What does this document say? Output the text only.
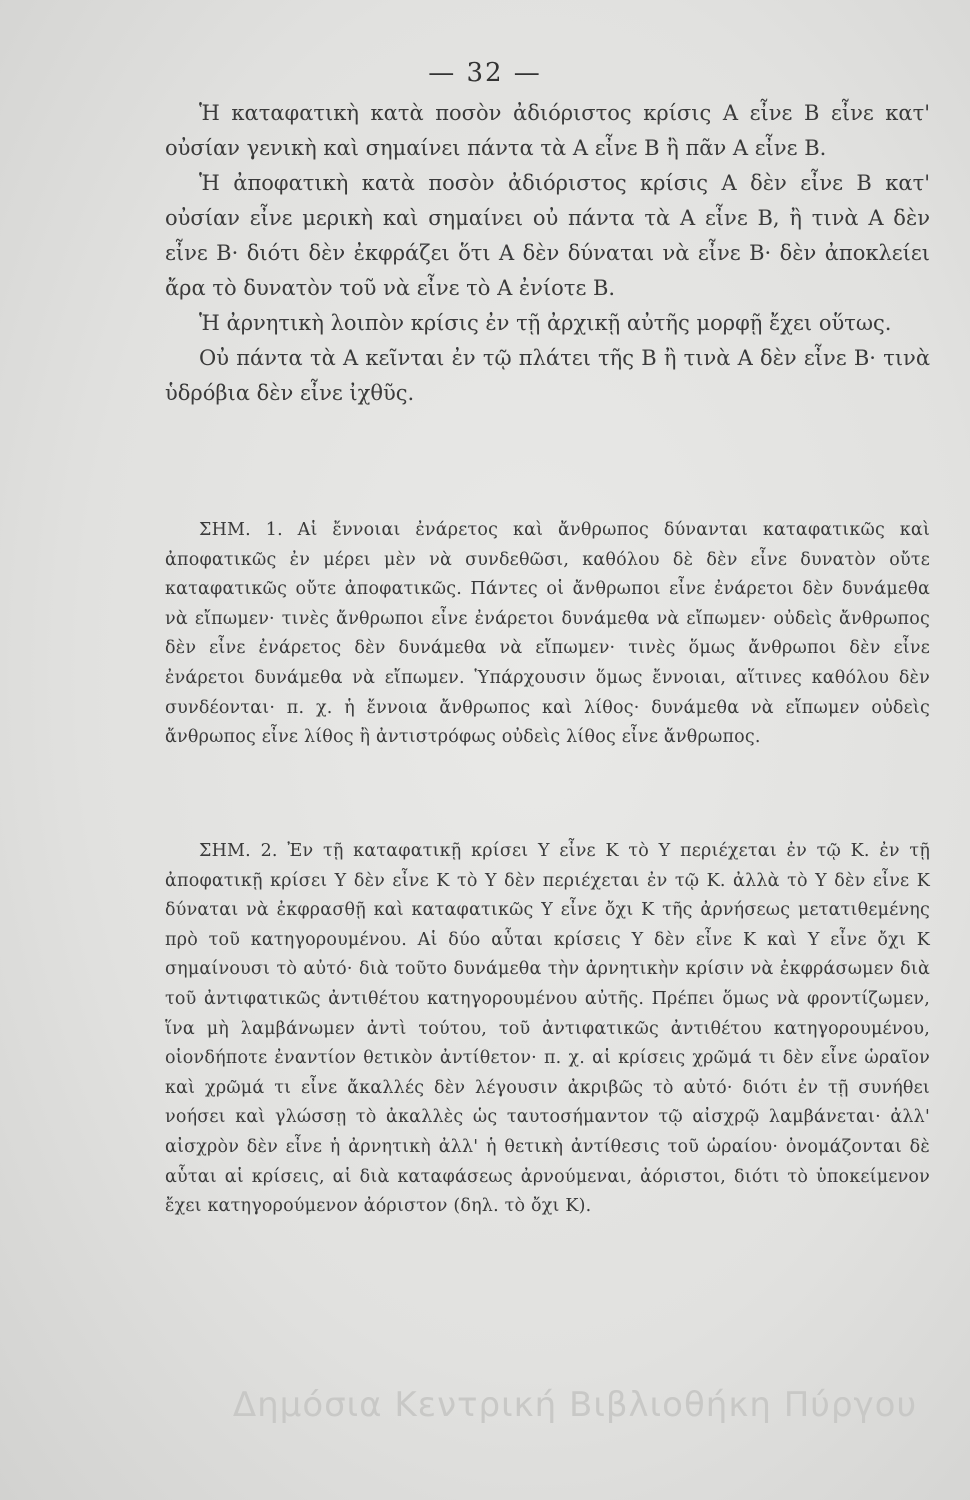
— 32 —

Ἡ καταφατικὴ κατὰ ποσὸν ἀδιόριστος κρίσις Α εἶνε Β εἶνε κατ' οὐσίαν γενικὴ καὶ σημαίνει πάντα τὰ Α εἶνε Β ἢ πᾶν Α εἶνε Β.

Ἡ ἀποφατικὴ κατὰ ποσὸν ἀδιόριστος κρίσις Α δὲν εἶνε Β κατ' οὐσίαν εἶνε μερικὴ καὶ σημαίνει οὐ πάντα τὰ Α εἶνε Β, ἢ τινὰ Α δὲν εἶνε Β· διότι δὲν ἐκφράζει ὅτι Α δὲν δύναται νὰ εἶνε Β· δὲν ἀποκλείει ἄρα τὸ δυνατὸν τοῦ νὰ εἶνε τὸ Α ἐνίοτε Β.

Ἡ ἀρνητικὴ λοιπὸν κρίσις ἐν τῇ ἀρχικῇ αὐτῆς μορφῇ ἔχει οὕτως.

Οὐ πάντα τὰ Α κεῖνται ἐν τῷ πλάτει τῆς Β ἢ τινὰ Α δὲν εἶνε Β· τινὰ ὑδρόβια δὲν εἶνε ἰχθῦς.

ΣΗΜ. 1. Αἱ ἔννοιαι ἐνάρετος καὶ ἄνθρωπος δύνανται καταφατικῶς καὶ ἀποφατικῶς ἐν μέρει μὲν νὰ συνδεθῶσι, καθόλου δὲ δὲν εἶνε δυνατὸν οὔτε καταφατικῶς οὔτε ἀποφατικῶς. Πάντες οἱ ἄνθρωποι εἶνε ἐνάρετοι δὲν δυνάμεθα νὰ εἴπωμεν· τινὲς ἄνθρωποι εἶνε ἐνάρετοι δυνάμεθα νὰ εἴπωμεν· οὐδεὶς ἄνθρωπος δὲν εἶνε ἐνάρετος δὲν δυνάμεθα νὰ εἴπωμεν· τινὲς ὅμως ἄνθρωποι δὲν εἶνε ἐνάρετοι δυνάμεθα νὰ εἴπωμεν. Ὑπάρχουσιν ὅμως ἔννοιαι, αἵτινες καθόλου δὲν συνδέονται· π. χ. ἡ ἔννοια ἄνθρωπος καὶ λίθος· δυνάμεθα νὰ εἴπωμεν οὐδεὶς ἄνθρωπος εἶνε λίθος ἢ ἀντιστρόφως οὐδεὶς λίθος εἶνε ἄνθρωπος.

ΣΗΜ. 2. Ἐν τῇ καταφατικῇ κρίσει Υ εἶνε Κ τὸ Υ περιέχεται ἐν τῷ Κ. ἐν τῇ ἀποφατικῇ κρίσει Υ δὲν εἶνε Κ τὸ Υ δὲν περιέχεται ἐν τῷ Κ. ἀλλὰ τὸ Υ δὲν εἶνε Κ δύναται νὰ ἐκφρασθῇ καὶ καταφατικῶς Υ εἶνε ὄχι Κ τῆς ἀρνήσεως μετατιθεμένης πρὸ τοῦ κατηγορουμένου. Αἱ δύο αὗται κρίσεις Υ δὲν εἶνε Κ καὶ Υ εἶνε ὄχι Κ σημαίνουσι τὸ αὐτό· διὰ τοῦτο δυνάμεθα τὴν ἀρνητικὴν κρίσιν νὰ ἐκφράσωμεν διὰ τοῦ ἀντιφατικῶς ἀντιθέτου κατηγορουμένου αὐτῆς. Πρέπει ὅμως νὰ φροντίζωμεν, ἵνα μὴ λαμβάνωμεν ἀντὶ τούτου, τοῦ ἀντιφατικῶς ἀντιθέτου κατηγορουμένου, οἱονδήποτε ἐναντίον θετικὸν ἀντίθετον· π. χ. αἱ κρίσεις χρῶμά τι δὲν εἶνε ὡραῖον καὶ χρῶμά τι εἶνε ἄκαλλές δὲν λέγουσιν ἀκριβῶς τὸ αὐτό· διότι ἐν τῇ συνήθει νοήσει καὶ γλώσσῃ τὸ ἀκαλλὲς ὡς ταυτοσήμαντον τῷ αἰσχρῷ λαμβάνεται· ἀλλ' αἰσχρὸν δὲν εἶνε ἡ ἀρνητικὴ ἀλλ' ἡ θετικὴ ἀντίθεσις τοῦ ὡραίου· ὀνομάζονται δὲ αὗται αἱ κρίσεις, αἱ διὰ καταφάσεως ἀρνούμεναι, ἀόριστοι, διότι τὸ ὑποκείμενον ἔχει κατηγορούμενον ἀόριστον (δηλ. τὸ ὄχι Κ).

Δημόσια Κεντρική Βιβλιοθήκη Πύργου
